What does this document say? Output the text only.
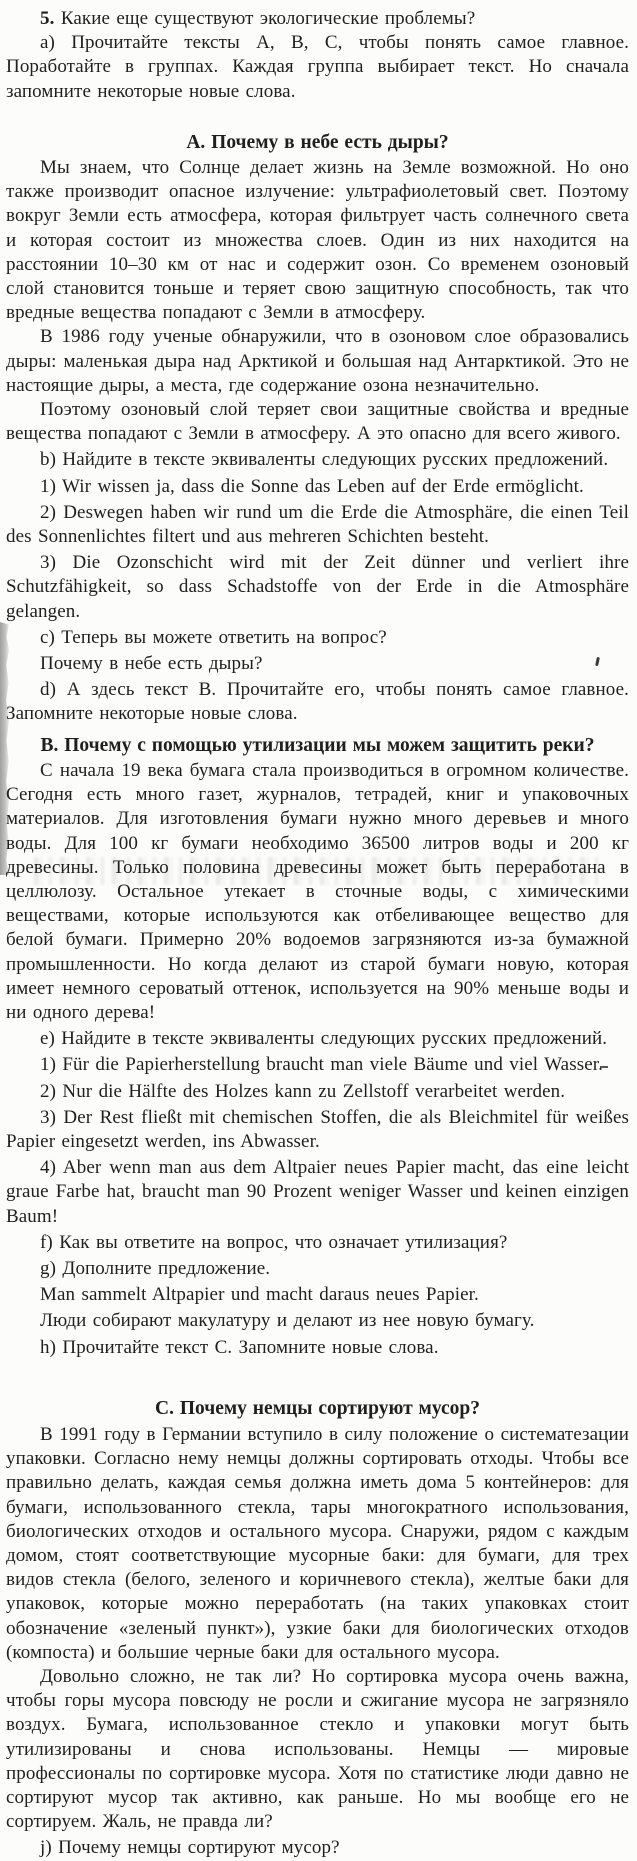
5. Какие еще существуют экологические проблемы?

а) Прочитайте тексты А, В, С, чтобы понять самое главное. Поработайте в группах. Каждая группа выбирает текст. Но сначала запомните некоторые новые слова.

А. Почему в небе есть дыры?

Мы знаем, что Солнце делает жизнь на Земле возможной. Но оно также производит опасное излучение: ультрафиолетовый свет. Поэтому вокруг Земли есть атмосфера, которая фильтрует часть солнечного света и которая состоит из множества слоев. Один из них находится на расстоянии 10–30 км от нас и содержит озон. Со временем озоновый слой становится тоньше и теряет свою защитную способность, так что вредные вещества попадают с Земли в атмосферу.

В 1986 году ученые обнаружили, что в озоновом слое образовались дыры: маленькая дыра над Арктикой и большая над Антарктикой. Это не настоящие дыры, а места, где содержание озона незначительно.

Поэтому озоновый слой теряет свои защитные свойства и вредные вещества попадают с Земли в атмосферу. А это опасно для всего живого.

b) Найдите в тексте эквиваленты следующих русских предложений.

1) Wir wissen ja, dass die Sonne das Leben auf der Erde ermöglicht.

2) Deswegen haben wir rund um die Erde die Atmosphäre, die einen Teil des Sonnenlichtes filtert und aus mehreren Schichten besteht.

3) Die Ozonschicht wird mit der Zeit dünner und verliert ihre Schutzfähigkeit, so dass Schadstoffe von der Erde in die Atmosphäre gelangen.

c) Теперь вы можете ответить на вопрос?

Почему в небе есть дыры?

d) А здесь текст В. Прочитайте его, чтобы понять самое главное. Запомните некоторые новые слова.

В. Почему с помощью утилизации мы можем защитить реки?

С начала 19 века бумага стала производиться в огромном количестве. Сегодня есть много газет, журналов, тетрадей, книг и упаковочных материалов. Для изготовления бумаги нужно много деревьев и много воды. Для 100 кг бумаги необходимо 36500 литров воды и 200 кг древесины. Только половина древесины может быть переработана в целлюлозу. Остальное утекает в сточные воды, с химическими веществами, которые используются как отбеливающее вещество для белой бумаги. Примерно 20% водоемов загрязняются из-за бумажной промышленности. Но когда делают из старой бумаги новую, которая имеет немного сероватый оттенок, используется на 90% меньше воды и ни одного дерева!

e) Найдите в тексте эквиваленты следующих русских предложений.

1) Für die Papierherstellung braucht man viele Bäume und viel Wasser.

2) Nur die Hälfte des Holzes kann zu Zellstoff verarbeitet werden.

3) Der Rest fließt mit chemischen Stoffen, die als Bleichmitel für weißes Papier eingesetzt werden, ins Abwasser.

4) Aber wenn man aus dem Altpaier neues Papier macht, das eine leicht graue Farbe hat, braucht man 90 Prozent weniger Wasser und keinen einzigen Baum!

f) Как вы ответите на вопрос, что означает утилизация?

g) Дополните предложение.

Man sammelt Altpapier und macht daraus neues Papier.

Люди собирают макулатуру и делают из нее новую бумагу.

h) Прочитайте текст С. Запомните новые слова.

С. Почему немцы сортируют мусор?

В 1991 году в Германии вступило в силу положение о систематезации упаковки. Согласно нему немцы должны сортировать отходы. Чтобы все правильно делать, каждая семья должна иметь дома 5 контейнеров: для бумаги, использованного стекла, тары многократного использования, биологических отходов и остального мусора. Снаружи, рядом с каждым домом, стоят соответствующие мусорные баки: для бумаги, для трех видов стекла (белого, зеленого и коричневого стекла), желтые баки для упаковок, которые можно переработать (на таких упаковках стоит обозначение «зеленый пункт»), узкие баки для биологических отходов (компоста) и большие черные баки для остального мусора.

Довольно сложно, не так ли? Но сортировка мусора очень важна, чтобы горы мусора повсюду не росли и сжигание мусора не загрязняло воздух. Бумага, использованное стекло и упаковки могут быть утилизированы и снова использованы. Немцы — мировые профессионалы по сортировке мусора. Хотя по статистике люди давно не сортируют мусор так активно, как раньше. Но мы вообще его не сортируем. Жаль, не правда ли?

j) Почему немцы сортируют мусор?
